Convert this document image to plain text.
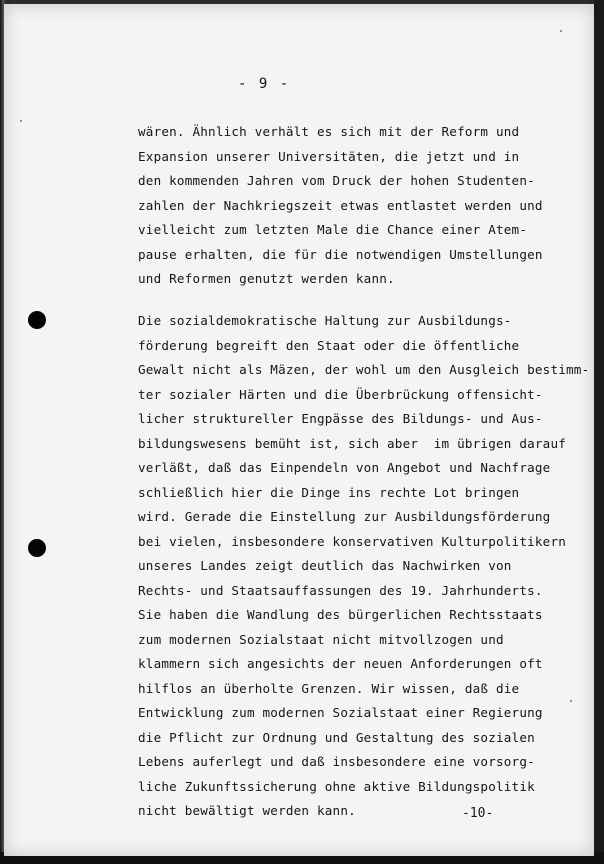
- 9 -
wären. Ähnlich verhält es sich mit der Reform und
Expansion unserer Universitäten, die jetzt und in
den kommenden Jahren vom Druck der hohen Studenten-
zahlen der Nachkriegszeit etwas entlastet werden und
vielleicht zum letzten Male die Chance einer Atem-
pause erhalten, die für die notwendigen Umstellungen
und Reformen genutzt werden kann.
Die sozialdemokratische Haltung zur Ausbildungs-
förderung begreift den Staat oder die öffentliche
Gewalt nicht als Mäzen, der wohl um den Ausgleich bestimm-
ter sozialer Härten und die Überbrückung offensicht-
licher struktureller Engpässe des Bildungs- und Aus-
bildungswesens bemüht ist, sich aber  im übrigen darauf
verläßt, daß das Einpendeln von Angebot und Nachfrage
schließlich hier die Dinge ins rechte Lot bringen
wird. Gerade die Einstellung zur Ausbildungsförderung
bei vielen, insbesondere konservativen Kulturpolitikern
unseres Landes zeigt deutlich das Nachwirken von
Rechts- und Staatsauffassungen des 19. Jahrhunderts.
Sie haben die Wandlung des bürgerlichen Rechtsstaats
zum modernen Sozialstaat nicht mitvollzogen und
klammern sich angesichts der neuen Anforderungen oft
hilflos an überholte Grenzen. Wir wissen, daß die
Entwicklung zum modernen Sozialstaat einer Regierung
die Pflicht zur Ordnung und Gestaltung des sozialen
Lebens auferlegt und daß insbesondere eine vorsorg-
liche Zukunftssicherung ohne aktive Bildungspolitik
nicht bewältigt werden kann.	-10-
